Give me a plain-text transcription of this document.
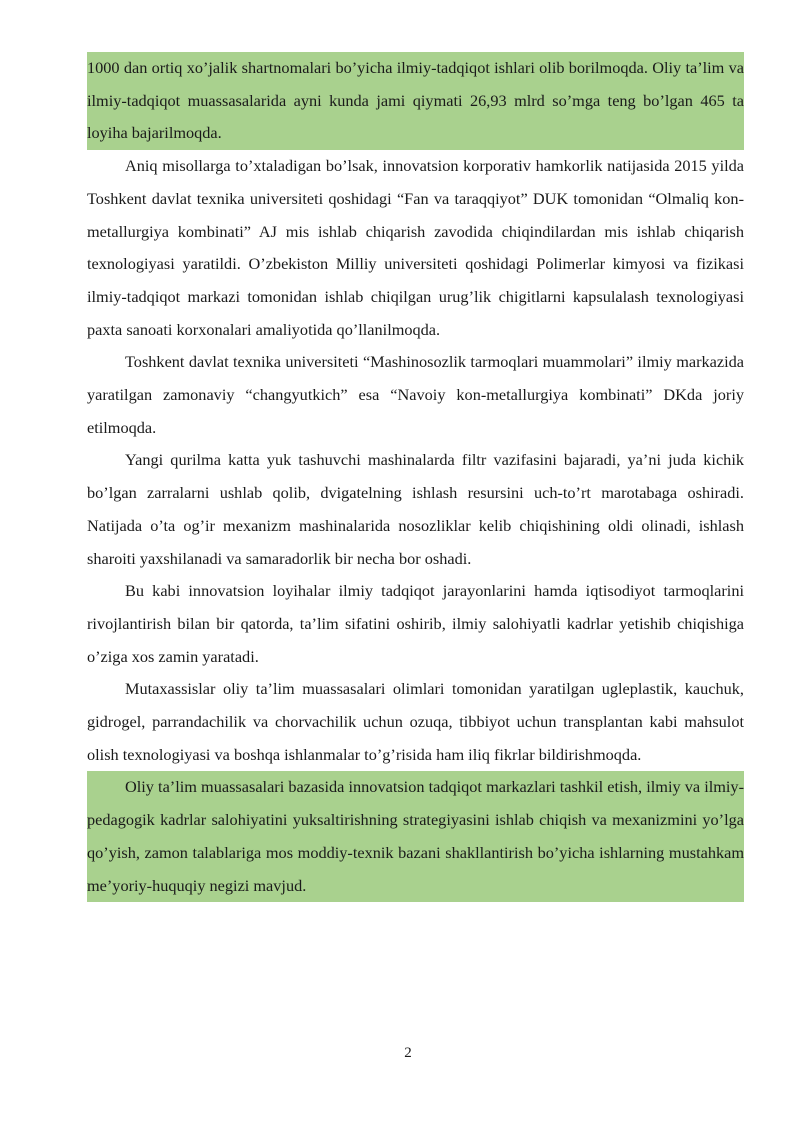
1000 dan ortiq xo’jalik shartnomalari bo’yicha ilmiy-tadqiqot ishlari olib borilmoqda. Oliy ta’lim va ilmiy-tadqiqot muassasalarida ayni kunda jami qiymati 26,93 mlrd so’mga teng bo’lgan 465 ta loyiha bajarilmoqda.

Aniq misollarga to’xtaladigan bo’lsak, innovatsion korporativ hamkorlik natijasida 2015 yilda Toshkent davlat texnika universiteti qoshidagi “Fan va taraqqiyot” DUK tomonidan “Olmaliq kon-metallurgiya kombinati” AJ mis ishlab chiqarish zavodida chiqindilardan mis ishlab chiqarish texnologiyasi yaratildi. O’zbekiston Milliy universiteti qoshidagi Polimerlar kimyosi va fizikasi ilmiy-tadqiqot markazi tomonidan ishlab chiqilgan urug’lik chigitlarni kapsulalash texnologiyasi paxta sanoati korxonalari amaliyotida qo’llanilmoqda.

Toshkent davlat texnika universiteti “Mashinosozlik tarmoqlari muammolari” ilmiy markazida yaratilgan zamonaviy “changyutkich” esa “Navoiy kon-metallurgiya kombinati” DKda joriy etilmoqda.

Yangi qurilma katta yuk tashuvchi mashinalarda filtr vazifasini bajaradi, ya’ni juda kichik bo’lgan zarralarni ushlab qolib, dvigatelning ishlash resursini uch-to’rt marotabaga oshiradi. Natijada o’ta og’ir mexanizm mashinalarida nosozliklar kelib chiqishining oldi olinadi, ishlash sharoiti yaxshilanadi va samaradorlik bir necha bor oshadi.

Bu kabi innovatsion loyihalar ilmiy tadqiqot jarayonlarini hamda iqtisodiyot tarmoqlarini rivojlantirish bilan bir qatorda, ta’lim sifatini oshirib, ilmiy salohiyatli kadrlar yetishib chiqishiga o’ziga xos zamin yaratadi.

Mutaxassislar oliy ta’lim muassasalari olimlari tomonidan yaratilgan ugleplastik, kauchuk, gidrogel, parrandachilik va chorvachilik uchun ozuqa, tibbiyot uchun transplantan kabi mahsulot olish texnologiyasi va boshqa ishlanmalar to’g’risida ham iliq fikrlar bildirishmoqda.

Oliy ta’lim muassasalari bazasida innovatsion tadqiqot markazlari tashkil etish, ilmiy va ilmiy-pedagogik kadrlar salohiyatini yuksaltirishning strategiyasini ishlab chiqish va mexanizmini yo’lga qo’yish, zamon talablariga mos moddiy-texnik bazani shakllantirish bo’yicha ishlarning mustahkam me’yoriy-huquqiy negizi mavjud.

2
